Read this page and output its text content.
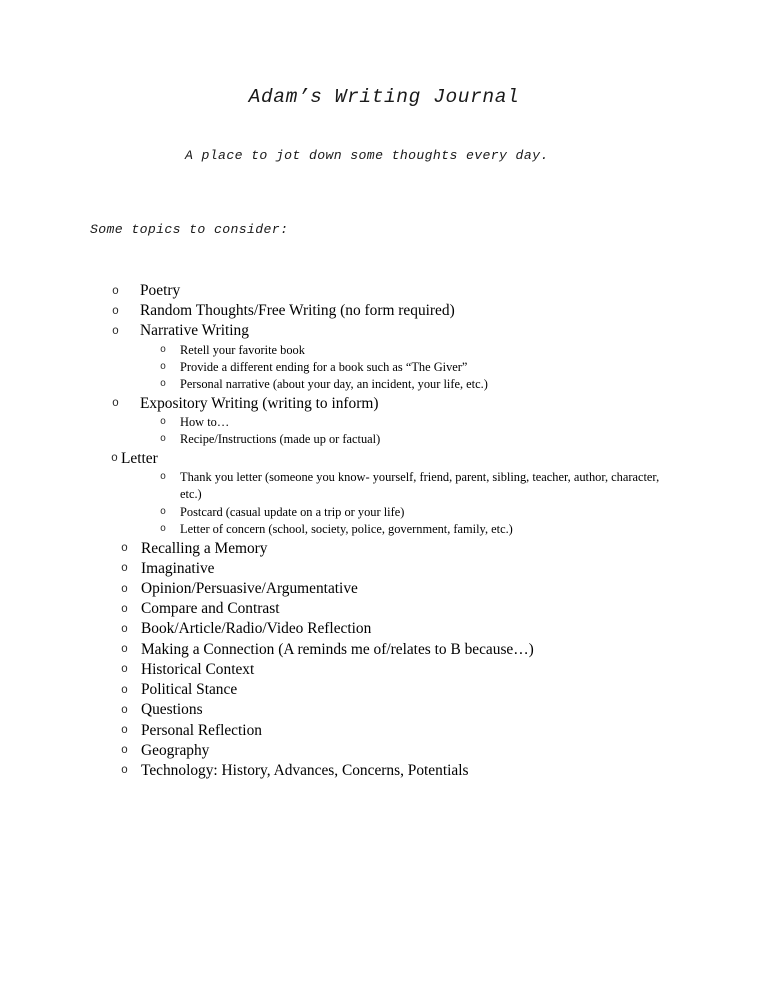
Adam’s Writing Journal
A place to jot down some thoughts every day.
Some topics to consider:
o Poetry
o Random Thoughts/Free Writing (no form required)
o Narrative Writing
o Retell your favorite book
o Provide a different ending for a book such as “The Giver”
o Personal narrative (about your day, an incident, your life, etc.)
o Expository Writing (writing to inform)
o How to…
o Recipe/Instructions (made up or factual)
o Letter
o Thank you letter (someone you know- yourself, friend, parent, sibling, teacher, author, character, etc.)
o Postcard (casual update on a trip or your life)
o Letter of concern (school, society, police, government, family, etc.)
o Recalling a Memory
o Imaginative
o Opinion/Persuasive/Argumentative
o Compare and Contrast
o Book/Article/Radio/Video Reflection
o Making a Connection (A reminds me of/relates to B because…)
o Historical Context
o Political Stance
o Questions
o Personal Reflection
o Geography
o Technology: History, Advances, Concerns, Potentials
